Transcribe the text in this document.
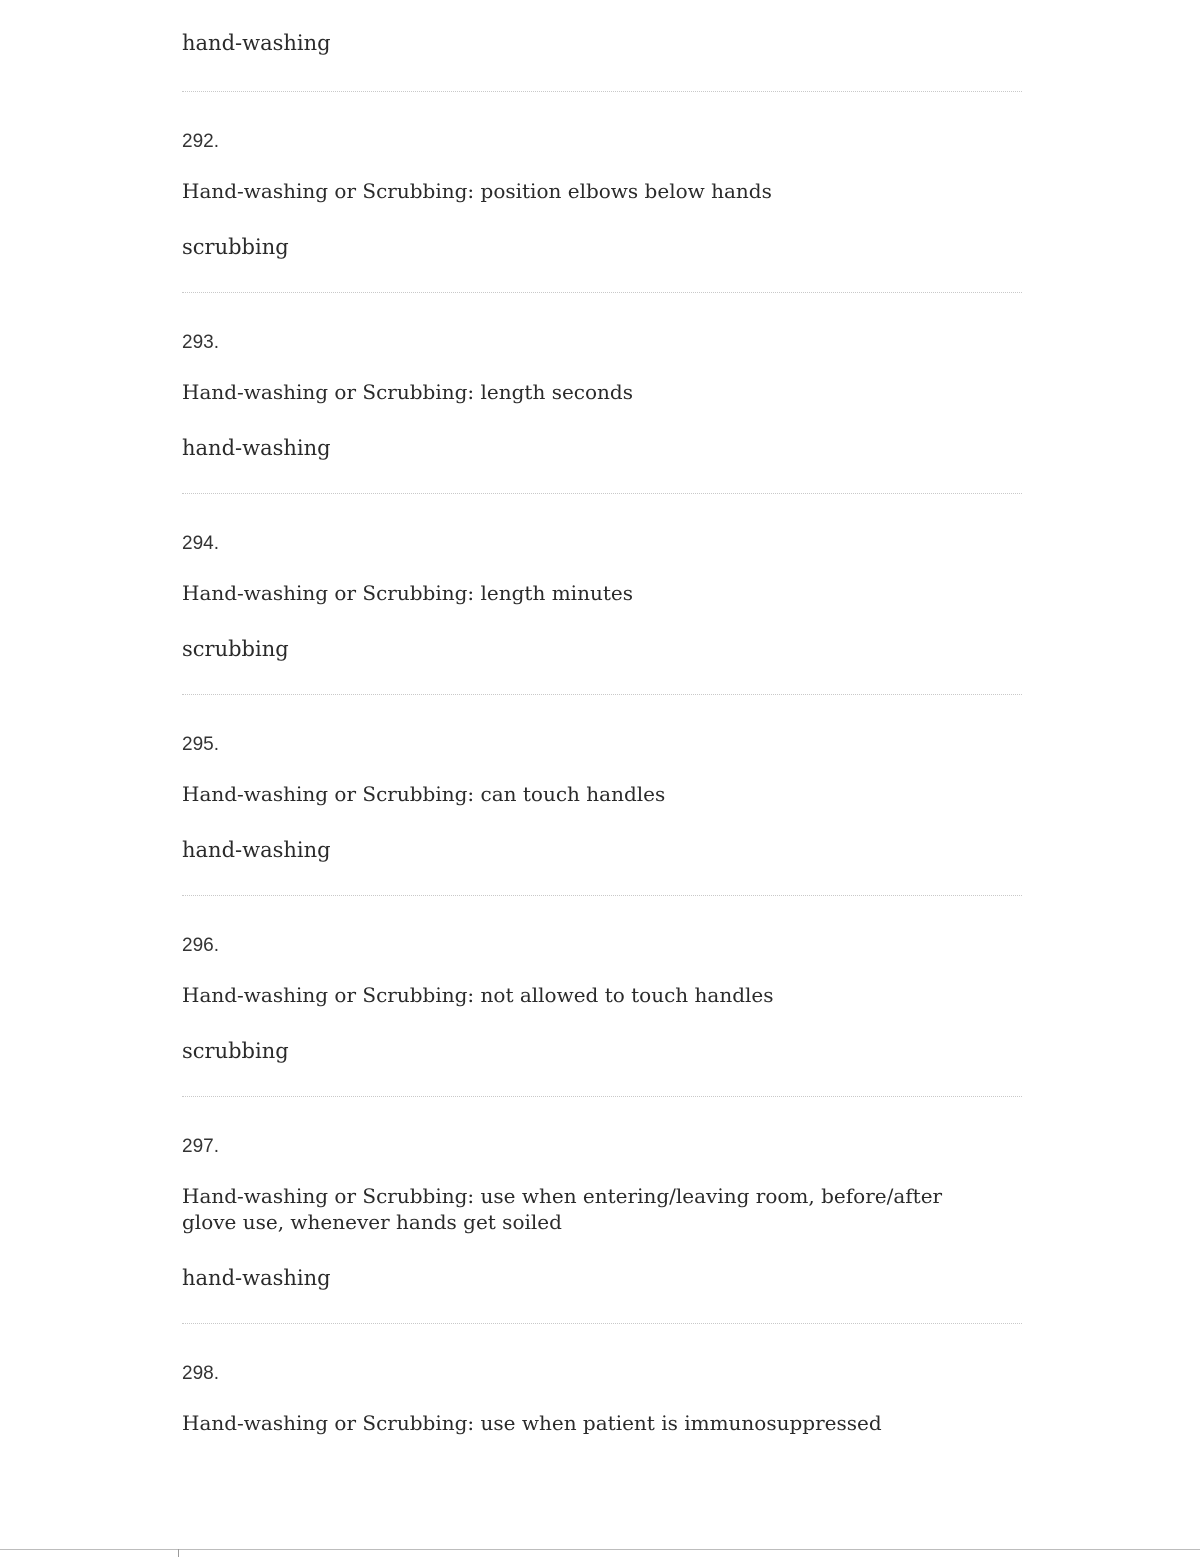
hand-washing

292.
Hand-washing or Scrubbing: position elbows below hands
scrubbing
293.
Hand-washing or Scrubbing: length seconds
hand-washing
294.
Hand-washing or Scrubbing: length minutes
scrubbing
295.
Hand-washing or Scrubbing: can touch handles
hand-washing
296.
Hand-washing or Scrubbing: not allowed to touch handles
scrubbing
297.
Hand-washing or Scrubbing: use when entering/leaving room, before/after glove use, whenever hands get soiled
hand-washing
298.
Hand-washing or Scrubbing: use when patient is immunosuppressed
